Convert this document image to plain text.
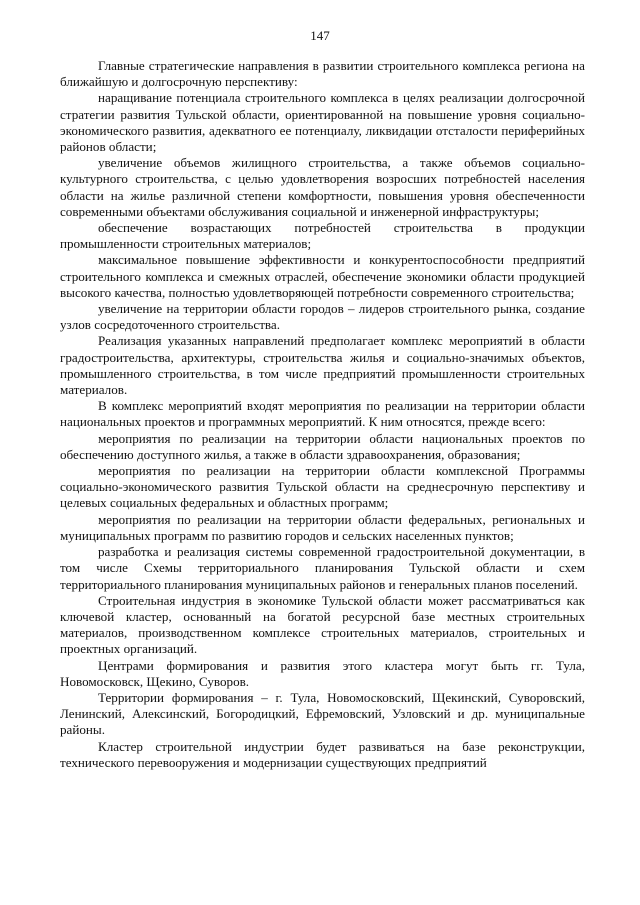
147

Главные стратегические направления в развитии строительного комплекса региона на ближайшую и долгосрочную перспективу:

наращивание потенциала строительного комплекса в целях реализации долгосрочной стратегии развития Тульской области, ориентированной на повышение уровня социально-экономического развития, адекватного ее потенциалу, ликвидации отсталости периферийных районов области;

увеличение объемов жилищного строительства, а также объемов социально-культурного строительства, с целью удовлетворения возросших потребностей населения области на жилье различной степени комфортности, повышения уровня обеспеченности современными объектами обслуживания социальной и инженерной инфраструктуры;

обеспечение возрастающих потребностей строительства в продукции промышленности строительных материалов;

максимальное повышение эффективности и конкурентоспособности предприятий строительного комплекса и смежных отраслей, обеспечение экономики области продукцией высокого качества, полностью удовлетворяющей потребности современного строительства;

увеличение на территории области городов – лидеров строительного рынка, создание узлов сосредоточенного строительства.

Реализация указанных направлений предполагает комплекс мероприятий в области градостроительства, архитектуры, строительства жилья и социально-значимых объектов, промышленного строительства, в том числе предприятий промышленности строительных материалов.

В комплекс мероприятий входят мероприятия по реализации на территории области национальных проектов и программных мероприятий. К ним относятся, прежде всего:

мероприятия по реализации на территории области национальных проектов по обеспечению доступного жилья, а также в области здравоохранения, образования;

мероприятия по реализации на территории области комплексной Программы социально-экономического развития Тульской области на среднесрочную перспективу и целевых социальных федеральных и областных программ;

мероприятия по реализации на территории области федеральных, региональных и муниципальных программ по развитию городов и сельских населенных пунктов;

разработка и реализация системы современной градостроительной документации, в том числе Схемы территориального планирования Тульской области и схем территориального планирования муниципальных районов и генеральных планов поселений.

Строительная индустрия в экономике Тульской области может рассматриваться как ключевой кластер, основанный на богатой ресурсной базе местных строительных материалов, производственном комплексе строительных материалов, строительных и проектных организаций.

Центрами формирования и развития этого кластера могут быть гг. Тула, Новомосковск, Щекино, Суворов.

Территории формирования – г. Тула, Новомосковский, Щекинский, Суворовский, Ленинский, Алексинский, Богородицкий, Ефремовский, Узловский и др. муниципальные районы.

Кластер строительной индустрии будет развиваться на базе реконструкции, технического перевооружения и модернизации существующих предприятий
